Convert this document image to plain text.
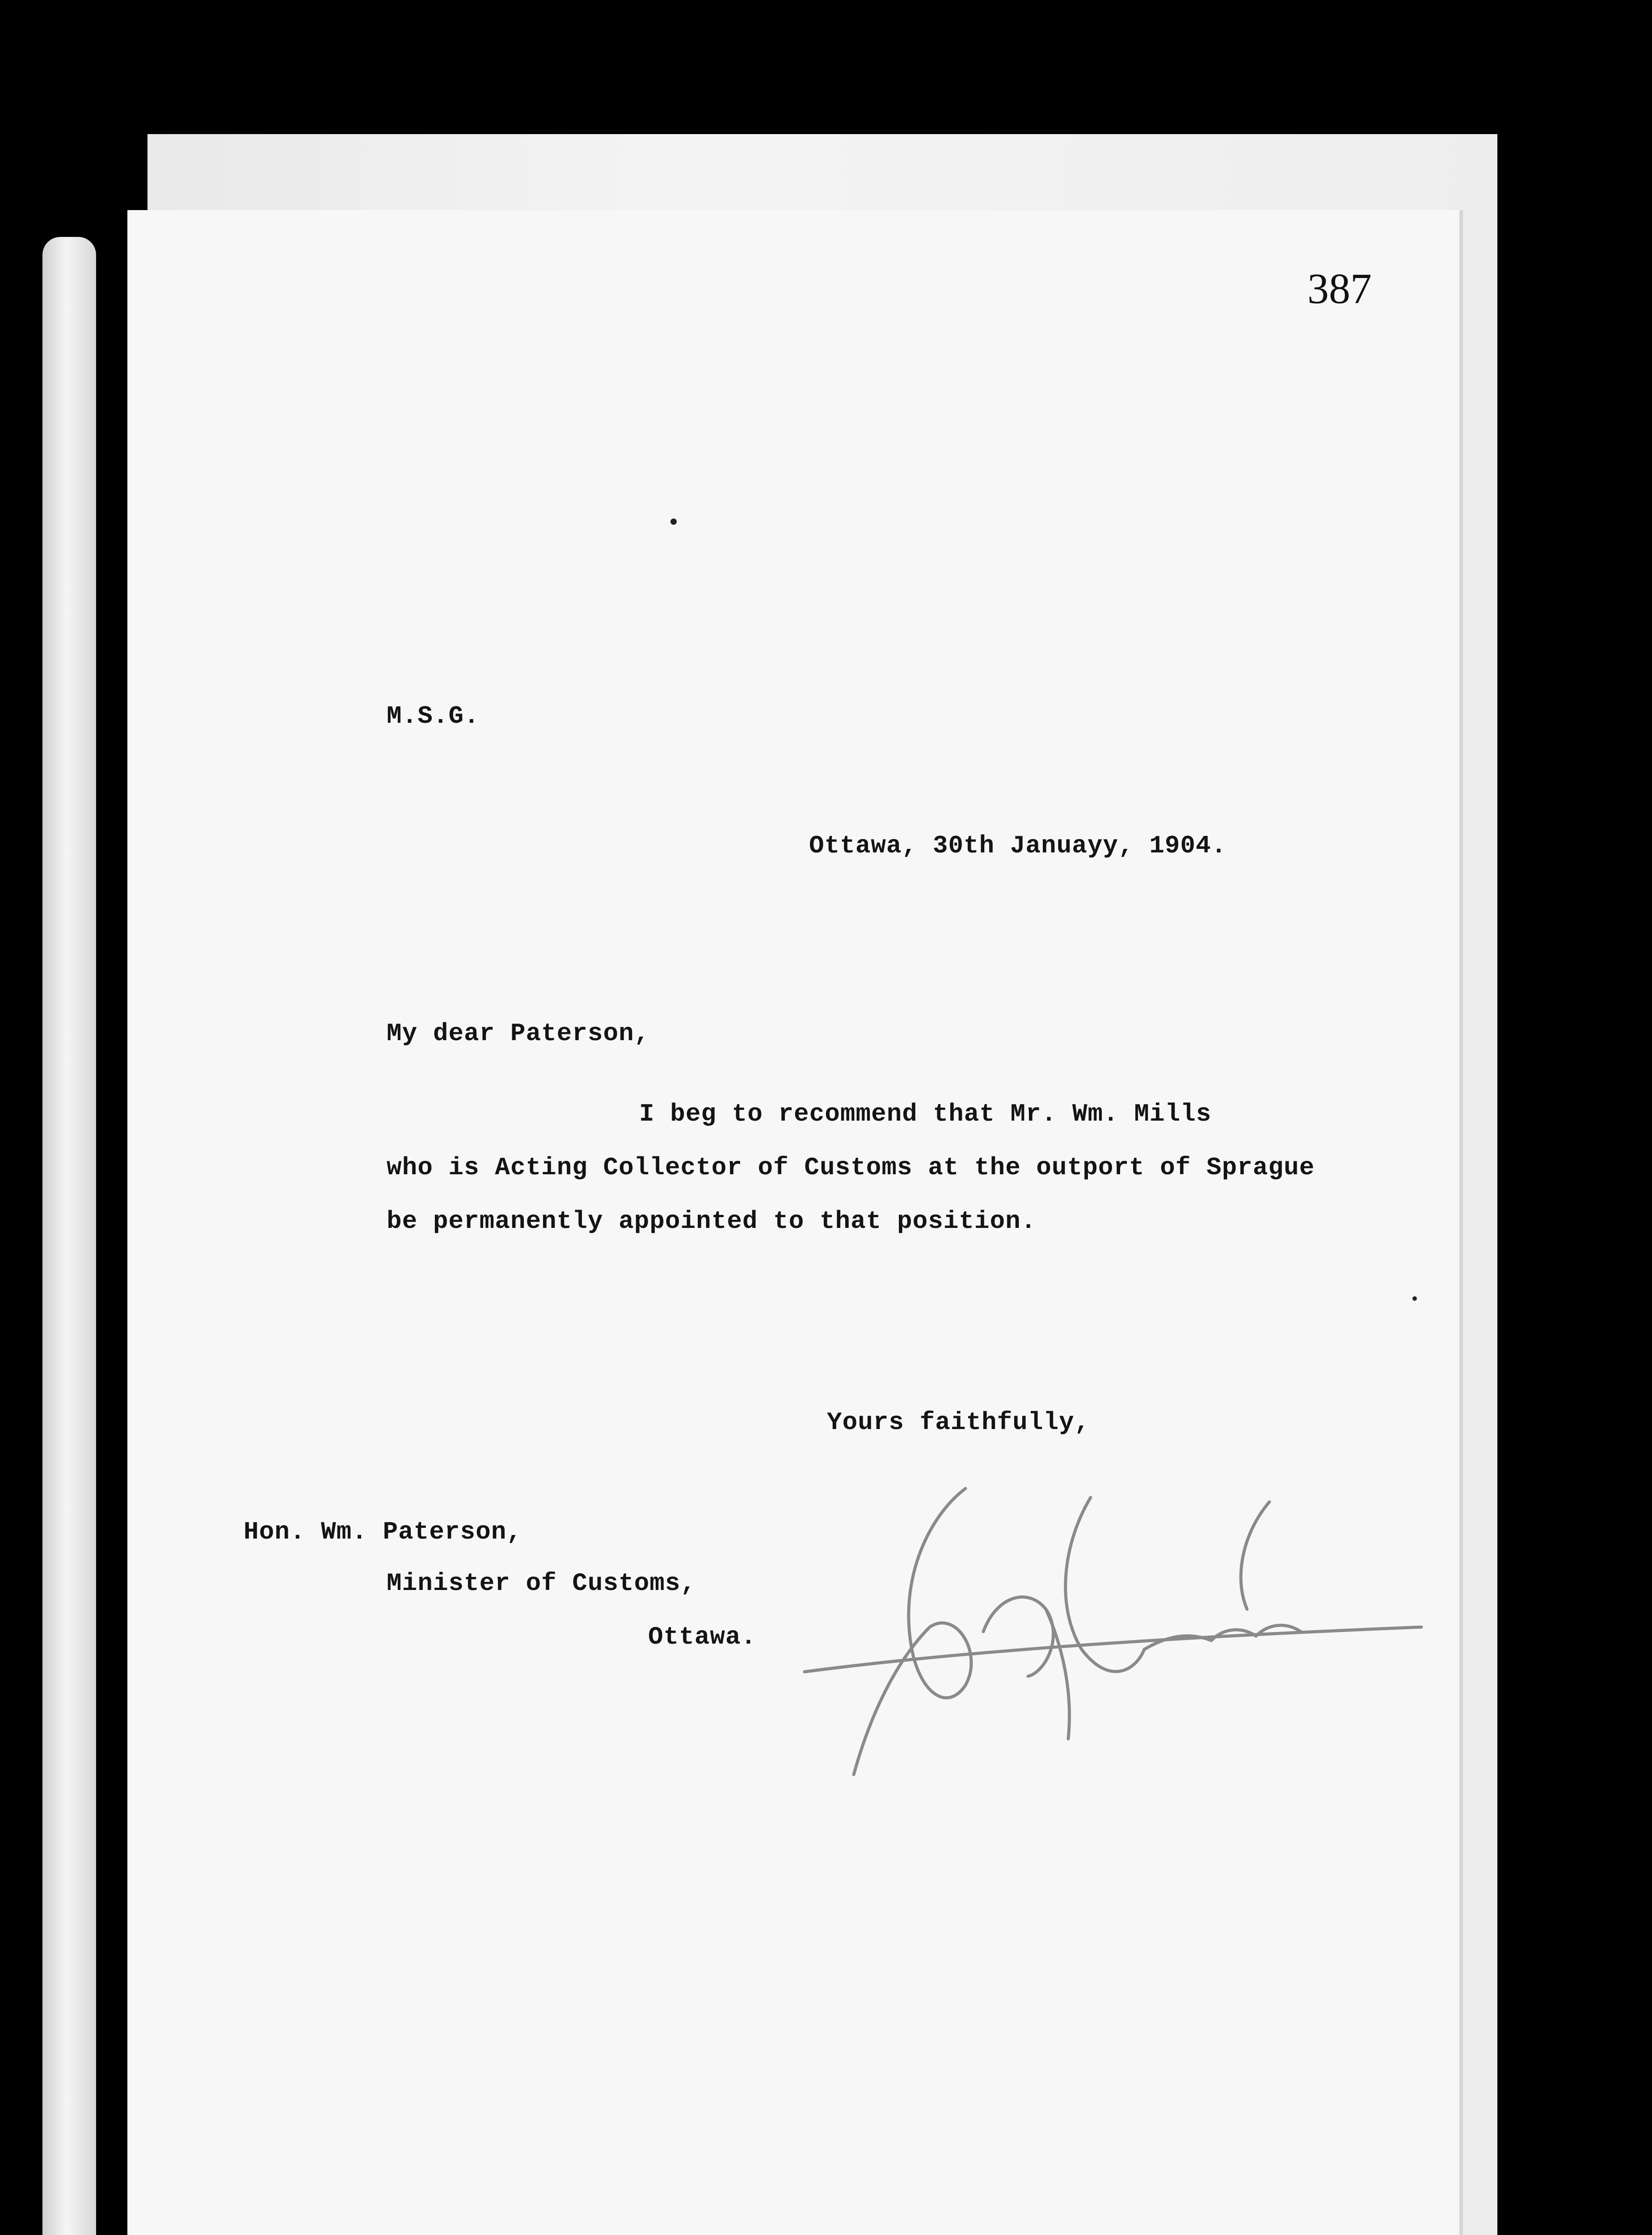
387
M.S.G.
Ottawa, 30th Januayy, 1904.
My dear Paterson,
I beg to recommend that Mr. Wm. Mills
who is Acting Collector of Customs at the outport of Sprague
be permanently appointed to that position.
Yours faithfully,
Hon. Wm. Paterson,
Minister of Customs,
Ottawa.
